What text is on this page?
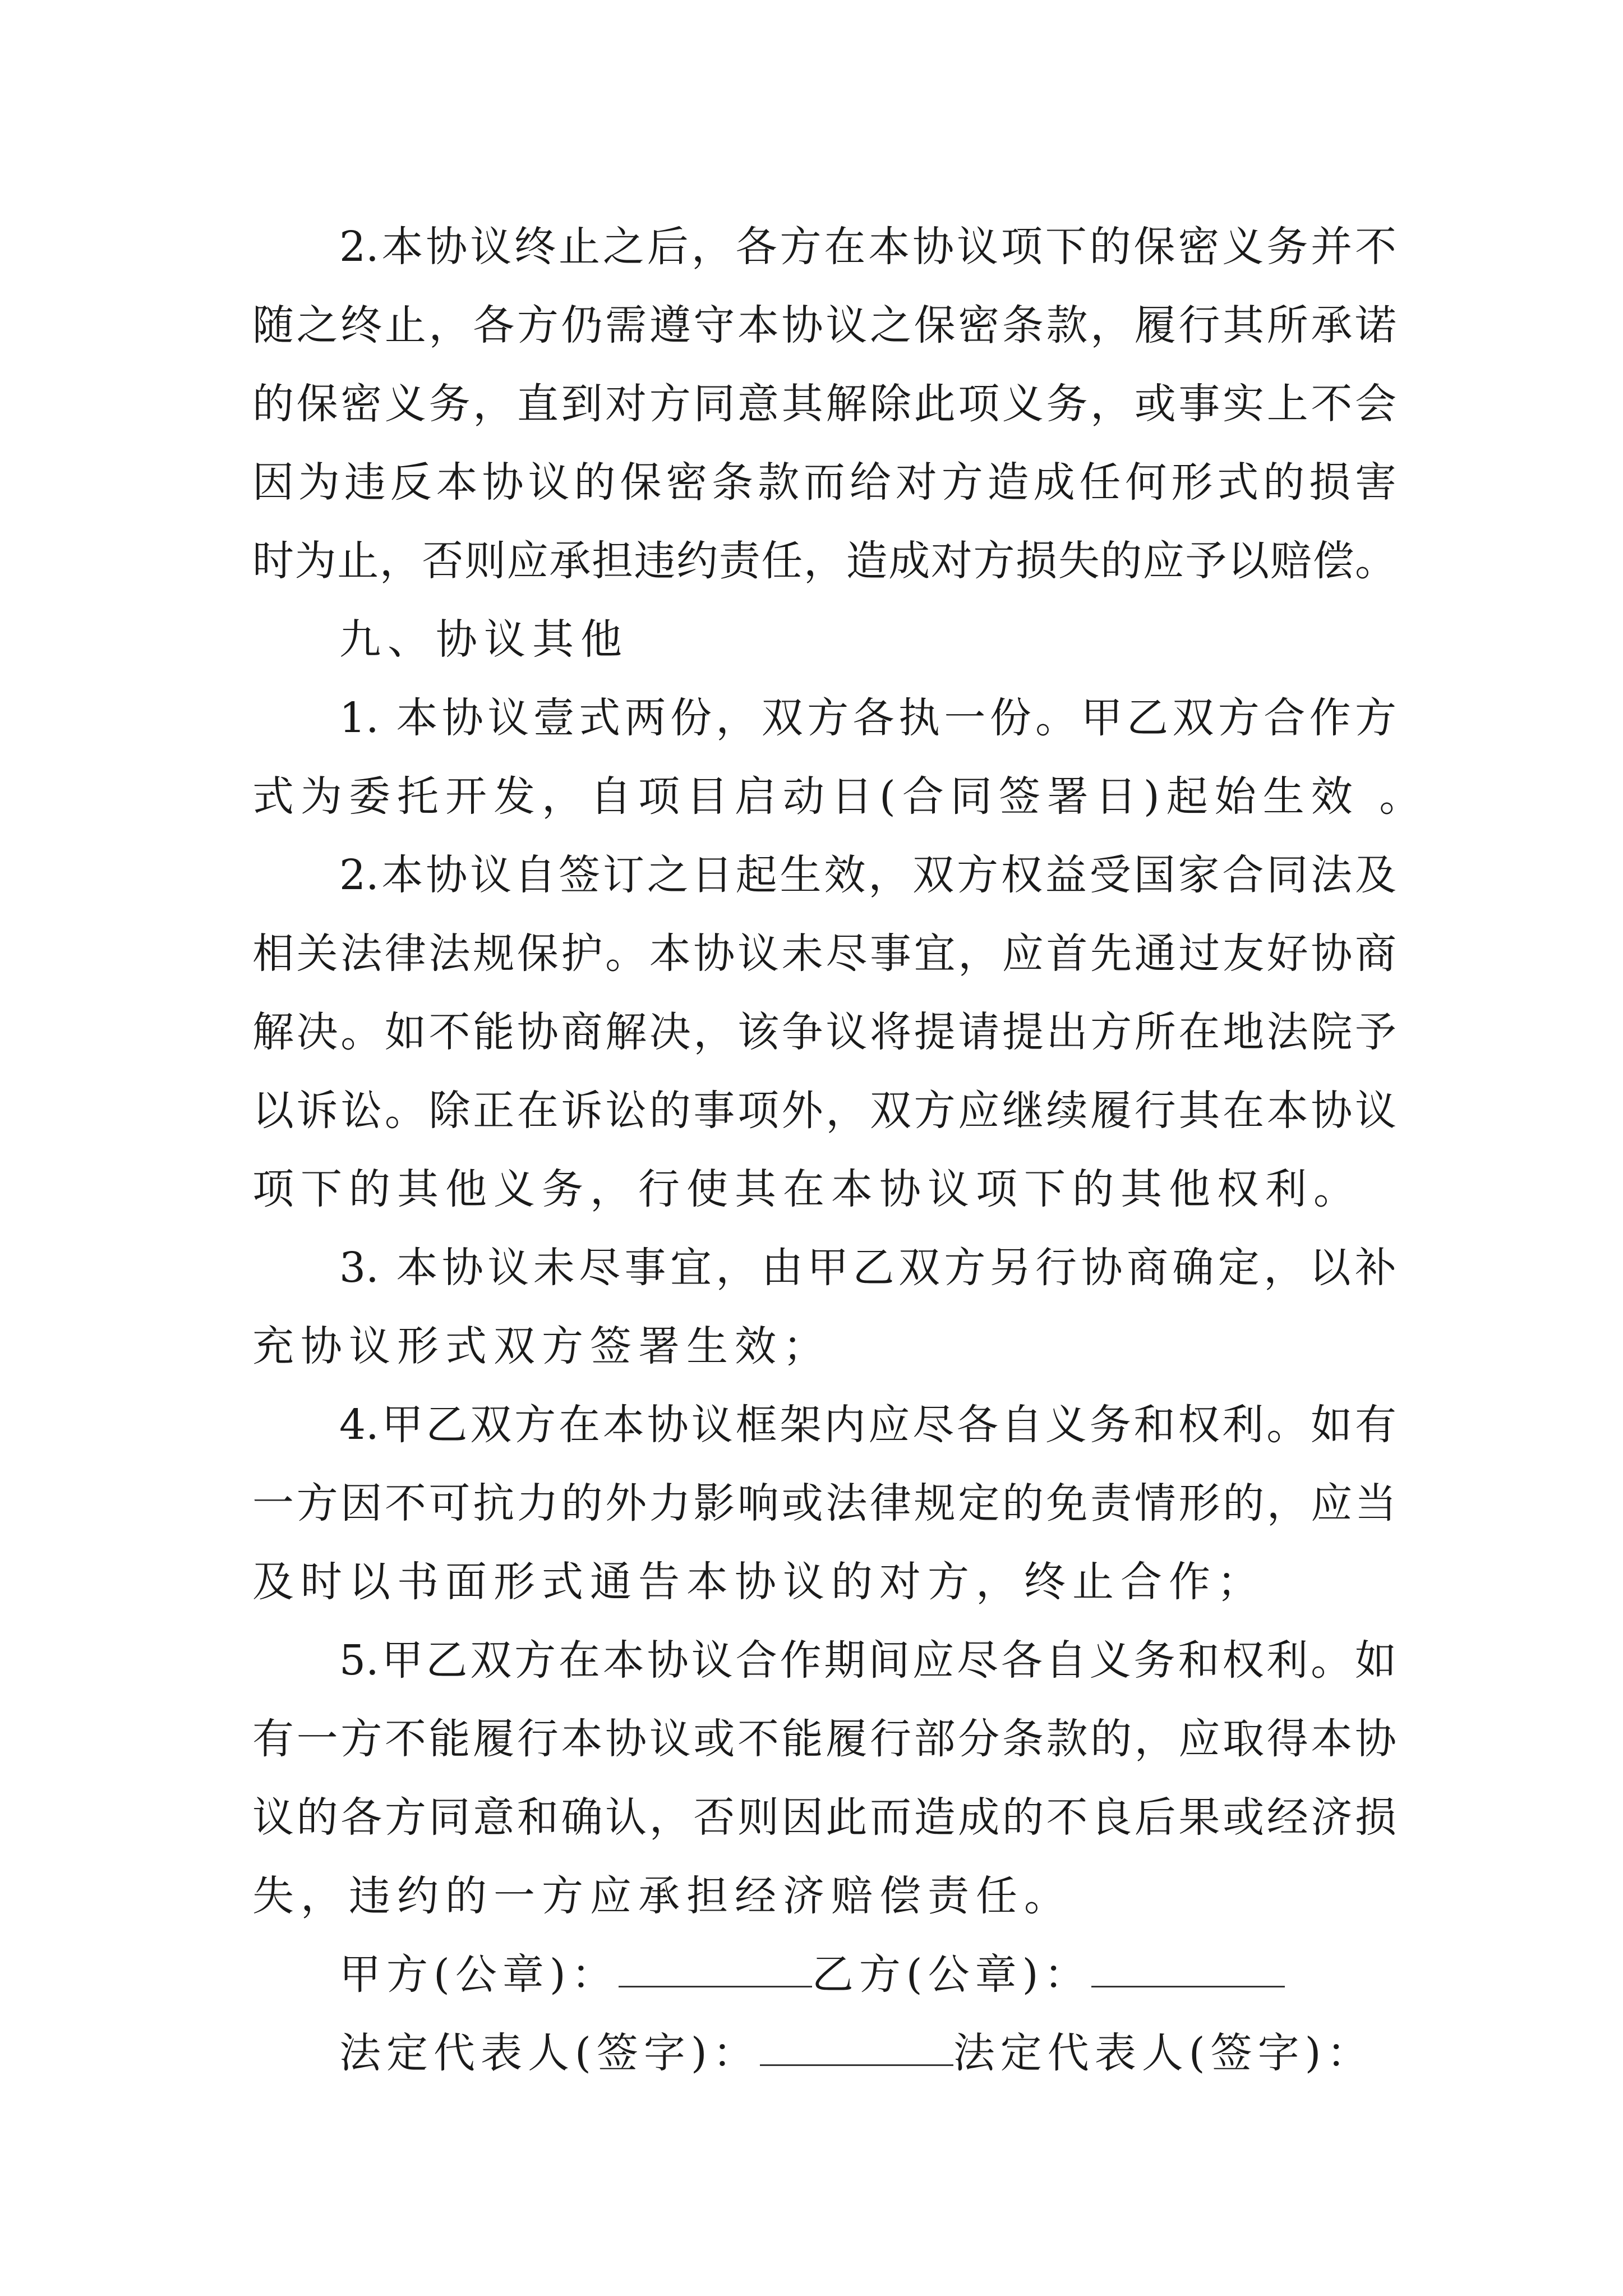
2.本协议终止之后，各方在本协议项下的保密义务并不
随之终止，各方仍需遵守本协议之保密条款，履行其所承诺
的保密义务，直到对方同意其解除此项义务，或事实上不会
因为违反本协议的保密条款而给对方造成任何形式的损害
时为止，否则应承担违约责任，造成对方损失的应予以赔偿。
九、协议其他
1. 本协议壹式两份，双方各执一份。甲乙双方合作方
式为委托开发，自项目启动日(合同签署日)起始生效 。
2.本协议自签订之日起生效，双方权益受国家合同法及
相关法律法规保护。本协议未尽事宜，应首先通过友好协商
解决。如不能协商解决，该争议将提请提出方所在地法院予
以诉讼。除正在诉讼的事项外，双方应继续履行其在本协议
项下的其他义务，行使其在本协议项下的其他权利。
3. 本协议未尽事宜，由甲乙双方另行协商确定，以补
充协议形式双方签署生效；
4.甲乙双方在本协议框架内应尽各自义务和权利。如有
一方因不可抗力的外力影响或法律规定的免责情形的，应当
及时以书面形式通告本协议的对方，终止合作；
5.甲乙双方在本协议合作期间应尽各自义务和权利。如
有一方不能履行本协议或不能履行部分条款的，应取得本协
议的各方同意和确认，否则因此而造成的不良后果或经济损
失，违约的一方应承担经济赔偿责任。
甲方(公章)：	乙方(公章)：
法定代表人(签字)：	法定代表人(签字)：
